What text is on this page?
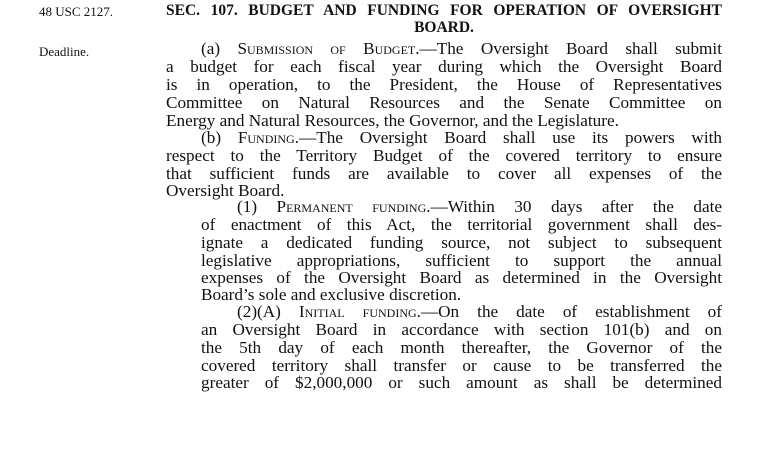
48 USC 2127.
Deadline.
SEC. 107. BUDGET AND FUNDING FOR OPERATION OF OVERSIGHT
BOARD.
(a) Submission of Budget.—The Oversight Board shall submit
a budget for each fiscal year during which the Oversight Board
is in operation, to the President, the House of Representatives
Committee on Natural Resources and the Senate Committee on
Energy and Natural Resources, the Governor, and the Legislature.
(b) Funding.—The Oversight Board shall use its powers with
respect to the Territory Budget of the covered territory to ensure
that sufficient funds are available to cover all expenses of the
Oversight Board.
(1) Permanent funding.—Within 30 days after the date
of enactment of this Act, the territorial government shall des-
ignate a dedicated funding source, not subject to subsequent
legislative appropriations, sufficient to support the annual
expenses of the Oversight Board as determined in the Oversight
Board’s sole and exclusive discretion.
(2)(A) Initial funding.—On the date of establishment of
an Oversight Board in accordance with section 101(b) and on
the 5th day of each month thereafter, the Governor of the
covered territory shall transfer or cause to be transferred the
greater of $2,000,000 or such amount as shall be determined
